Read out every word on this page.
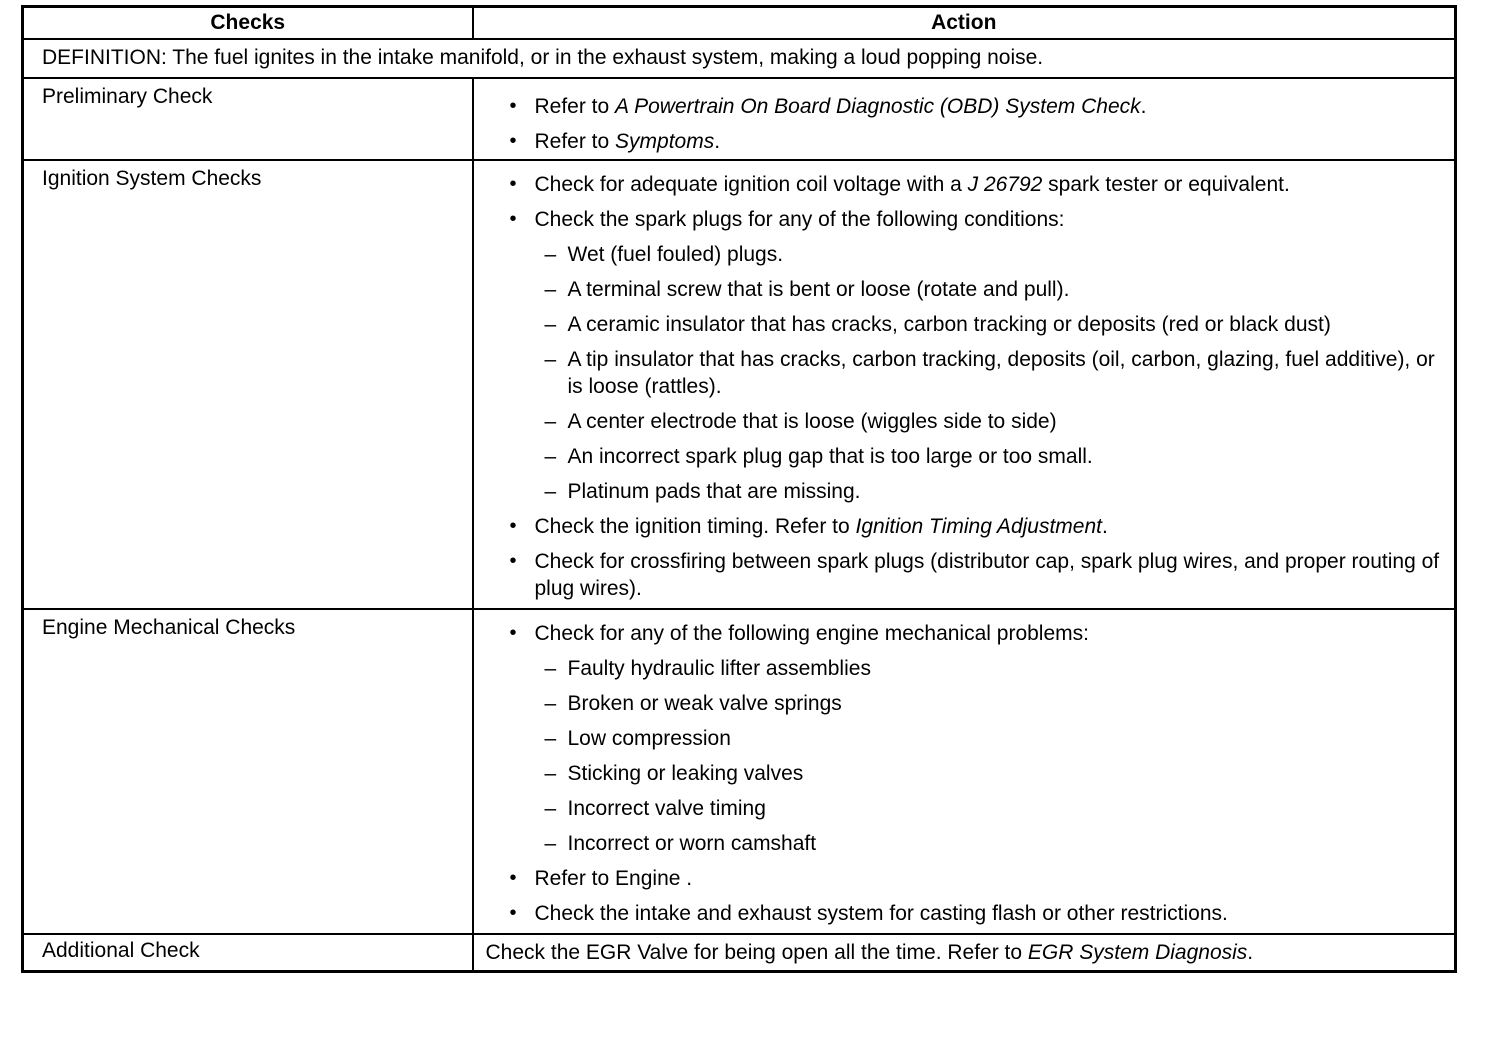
Checks	Action
DEFINITION: The fuel ignites in the intake manifold, or in the exhaust system, making a loud popping noise.	
Preliminary Check	
•Refer to A Powertrain On Board Diagnostic (OBD) System Check.
• Refer to Symptoms.

Ignition System Checks	
•Check for adequate ignition coil voltage with a J 26792 spark tester or equivalent.
• Check the spark plugs for any of the following conditions:
– Wet (fuel fouled) plugs.
– A terminal screw that is bent or loose (rotate and pull).
– A ceramic insulator that has cracks, carbon tracking or deposits (red or black dust)
– A tip insulator that has cracks, carbon tracking, deposits (oil, carbon, glazing, fuel additive), or is loose (rattles).
– A center electrode that is loose (wiggles side to side)
– An incorrect spark plug gap that is too large or too small.
– Platinum pads that are missing.
• Check the ignition timing. Refer to Ignition Timing Adjustment.
• Check for crossfiring between spark plugs (distributor cap, spark plug wires, and proper routing of plug wires).

Engine Mechanical Checks	
•Check for any of the following engine mechanical problems:
– Faulty hydraulic lifter assemblies
– Broken or weak valve springs
– Low compression
– Sticking or leaking valves
– Incorrect valve timing
– Incorrect or worn camshaft
• Refer to Engine .
• Check the intake and exhaust system for casting flash or other restrictions.

Additional Check	Check the EGR Valve for being open all the time. Refer to EGR System Diagnosis.
